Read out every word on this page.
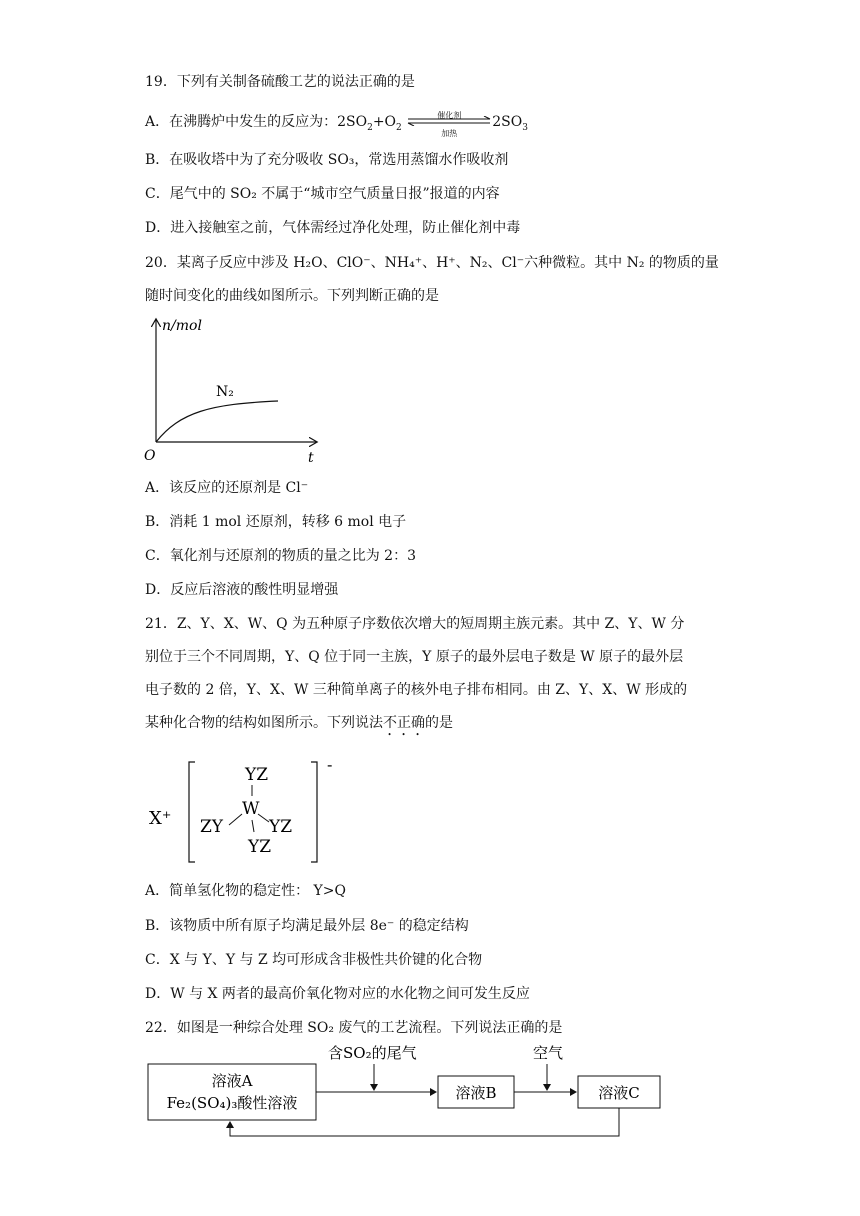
19．下列有关制备硫酸工艺的说法正确的是
A．在沸腾炉中发生的反应为：$2SO_2+O_2$
催化剂
加热
$2SO_3$
B．在吸收塔中为了充分吸收 SO₃，常选用蒸馏水作吸收剂
C．尾气中的 SO₂ 不属于“城市空气质量日报”报道的内容
D．进入接触室之前，气体需经过净化处理，防止催化剂中毒
20．某离子反应中涉及 H₂O、ClO⁻、NH₄⁺、H⁺、N₂、Cl⁻六种微粒。其中 N₂ 的物质的量
随时间变化的曲线如图所示。下列判断正确的是
n/mol
N₂
O	t
A．该反应的还原剂是 Cl⁻
B．消耗 1 mol 还原剂，转移 6 mol 电子
C．氧化剂与还原剂的物质的量之比为 2：3
D．反应后溶液的酸性明显增强
21．Z、Y、X、W、Q 为五种原子序数依次增大的短周期主族元素。其中 Z、Y、W 分
别位于三个不同周期，Y、Q 位于同一主族，Y 原子的最外层电子数是 W 原子的最外层
电子数的 2 倍，Y、X、W 三种简单离子的核外电子排布相同。由 Z、Y、X、W 形成的
某种化合物的结构如图所示。下列说法不正确的是
X⁺
-
YZ
W
ZY	YZ
YZ
A．简单氢化物的稳定性： Y>Q
B．该物质中所有原子均满足最外层 8e⁻ 的稳定结构
C．X 与 Y、Y 与 Z 均可形成含非极性共价键的化合物
D．W 与 X 两者的最高价氧化物对应的水化物之间可发生反应
22．如图是一种综合处理 SO₂ 废气的工艺流程。下列说法正确的是
溶液A
Fe₂(SO₄)₃酸性溶液
溶液B	溶液C
含SO₂的尾气	空气
